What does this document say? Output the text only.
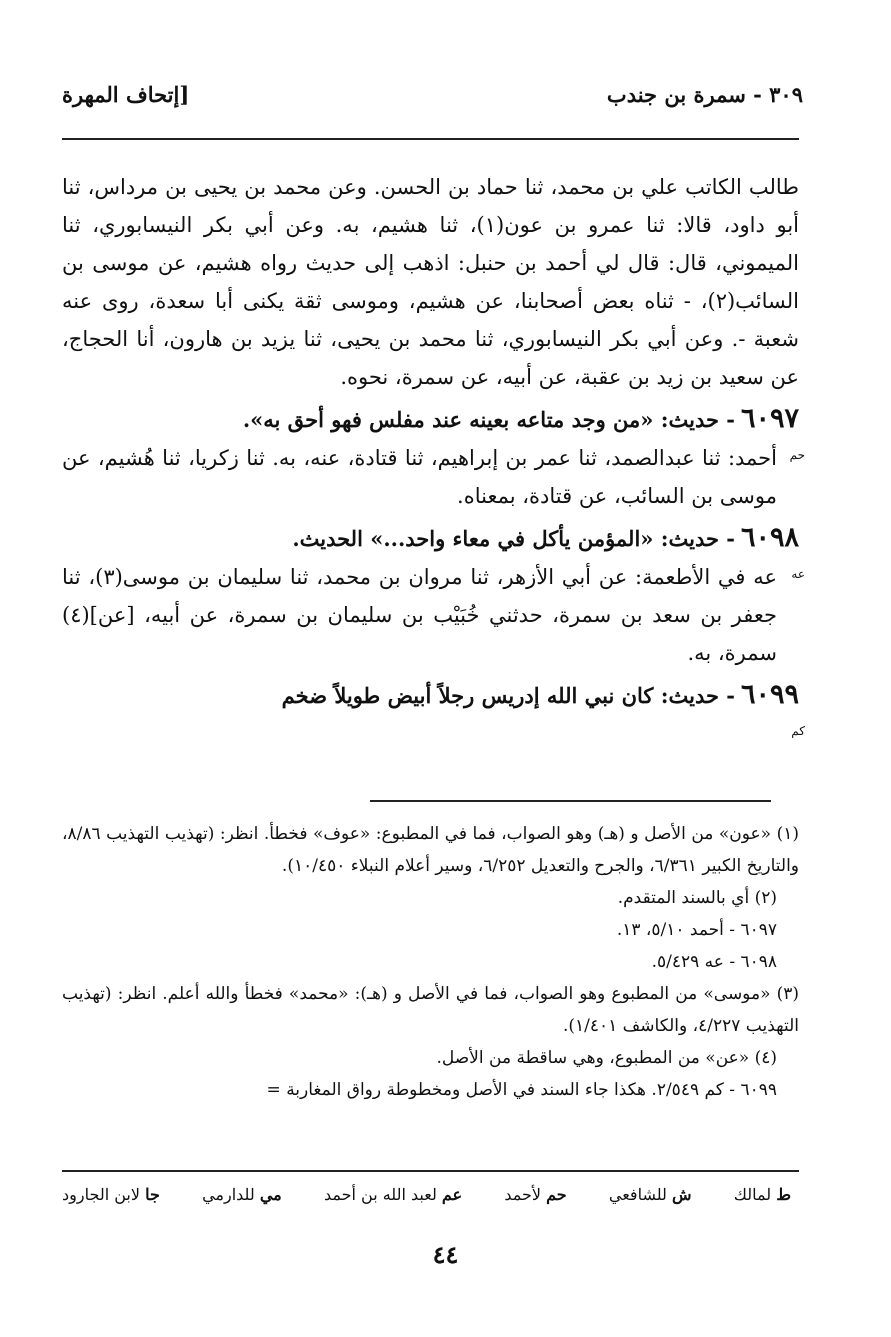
٣٠٩ - سمرة بن جندب
[إتحاف المهرة

طالب الكاتب علي بن محمد، ثنا حماد بن الحسن. وعن محمد بن يحيى بن مرداس، ثنا أبو داود، قالا: ثنا عمرو بن عون(١)، ثنا هشيم، به. وعن أبي بكر النيسابوري، ثنا الميموني، قال: قال لي أحمد بن حنبل: اذهب إلى حديث رواه هشيم، عن موسى بن السائب(٢)، - ثناه بعض أصحابنا، عن هشيم، وموسى ثقة يكنى أبا سعدة، روى عنه شعبة -. وعن أبي بكر النيسابوري، ثنا محمد بن يحيى، ثنا يزيد بن هارون، أنا الحجاج، عن سعيد بن زيد بن عقبة، عن أبيه، عن سمرة، نحوه.

٦٠٩٧- حديث: «من وجد متاعه بعينه عند مفلس فهو أحق به».
حم

أحمد: ثنا عبدالصمد، ثنا عمر بن إبراهيم، ثنا قتادة، عنه، به. ثنا زكريا، ثنا هُشيم، عن موسى بن السائب، عن قتادة، بمعناه.

٦٠٩٨- حديث: «المؤمن يأكل في معاء واحد...» الحديث.
عه

عه في الأطعمة: عن أبي الأزهر، ثنا مروان بن محمد، ثنا سليمان بن موسى(٣)، ثنا جعفر بن سعد بن سمرة، حدثني خُبَيْب بن سليمان بن سمرة، عن أبيه، [عن](٤) سمرة، به.

٦٠٩٩- حديث: كان نبي الله إدريس رجلاً أبيض طويلاً ضخم
كم

(١) «عون» من الأصل و (هـ) وهو الصواب، فما في المطبوع: «عوف» فخطأ. انظر: (تهذيب التهذيب ٨/٨٦، والتاريخ الكبير ٦/٣٦١، والجرح والتعديل ٦/٢٥٢، وسير أعلام النبلاء ١٠/٤٥٠).

(٢) أي بالسند المتقدم.

٦٠٩٧ - أحمد ٥/١٠، ١٣.

٦٠٩٨ - عه ٥/٤٢٩.

(٣) «موسى» من المطبوع وهو الصواب، فما في الأصل و (هـ): «محمد» فخطأ والله أعلم. انظر: (تهذيب التهذيب ٤/٢٢٧، والكاشف ١/٤٠١).

(٤) «عن» من المطبوع، وهي ساقطة من الأصل.

٦٠٩٩ - كم ٢/٥٤٩. هكذا جاء السند في الأصل ومخطوطة رواق المغاربة =

ط لمالك
ش للشافعي
حم لأحمد
عم لعبد الله بن أحمد
مي للدارمي
جا لابن الجارود
٤٤
